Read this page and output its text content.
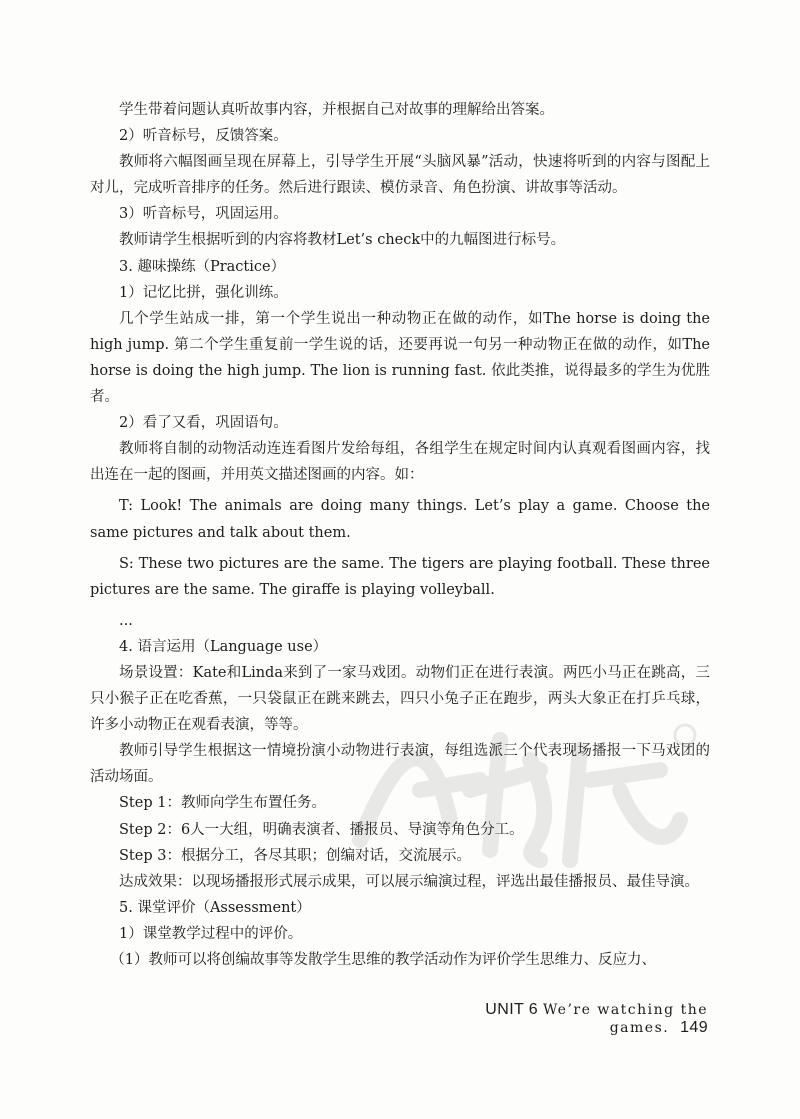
学生带着问题认真听故事内容，并根据自己对故事的理解给出答案。

2）听音标号，反馈答案。

教师将六幅图画呈现在屏幕上，引导学生开展“头脑风暴”活动，快速将听到的内容与图配上对儿，完成听音排序的任务。然后进行跟读、模仿录音、角色扮演、讲故事等活动。

3）听音标号，巩固运用。

教师请学生根据听到的内容将教材Let’s check中的九幅图进行标号。

3. 趣味操练（Practice）

1）记忆比拼，强化训练。

几个学生站成一排，第一个学生说出一种动物正在做的动作，如The horse is doing the high jump. 第二个学生重复前一学生说的话，还要再说一句另一种动物正在做的动作，如The horse is doing the high jump. The lion is running fast. 依此类推，说得最多的学生为优胜者。

2）看了又看，巩固语句。

教师将自制的动物活动连连看图片发给每组，各组学生在规定时间内认真观看图画内容，找出连在一起的图画，并用英文描述图画的内容。如：

T: Look! The animals are doing many things. Let’s play a game. Choose the same pictures and talk about them.

S: These two pictures are the same. The tigers are playing football. These three pictures are the same. The giraffe is playing volleyball.

...

4. 语言运用（Language use）

场景设置：Kate和Linda来到了一家马戏团。动物们正在进行表演。两匹小马正在跳高，三只小猴子正在吃香蕉，一只袋鼠正在跳来跳去，四只小兔子正在跑步，两头大象正在打乒乓球，许多小动物正在观看表演，等等。

教师引导学生根据这一情境扮演小动物进行表演，每组选派三个代表现场播报一下马戏团的活动场面。

Step 1：教师向学生布置任务。

Step 2：6人一大组，明确表演者、播报员、导演等角色分工。

Step 3：根据分工，各尽其职；创编对话，交流展示。

达成效果：以现场播报形式展示成果，可以展示编演过程，评选出最佳播报员、最佳导演。

5. 课堂评价（Assessment）

1）课堂教学过程中的评价。

（1）教师可以将创编故事等发散学生思维的教学活动作为评价学生思维力、反应力、

UNIT 6 We’re watching the games. 149
